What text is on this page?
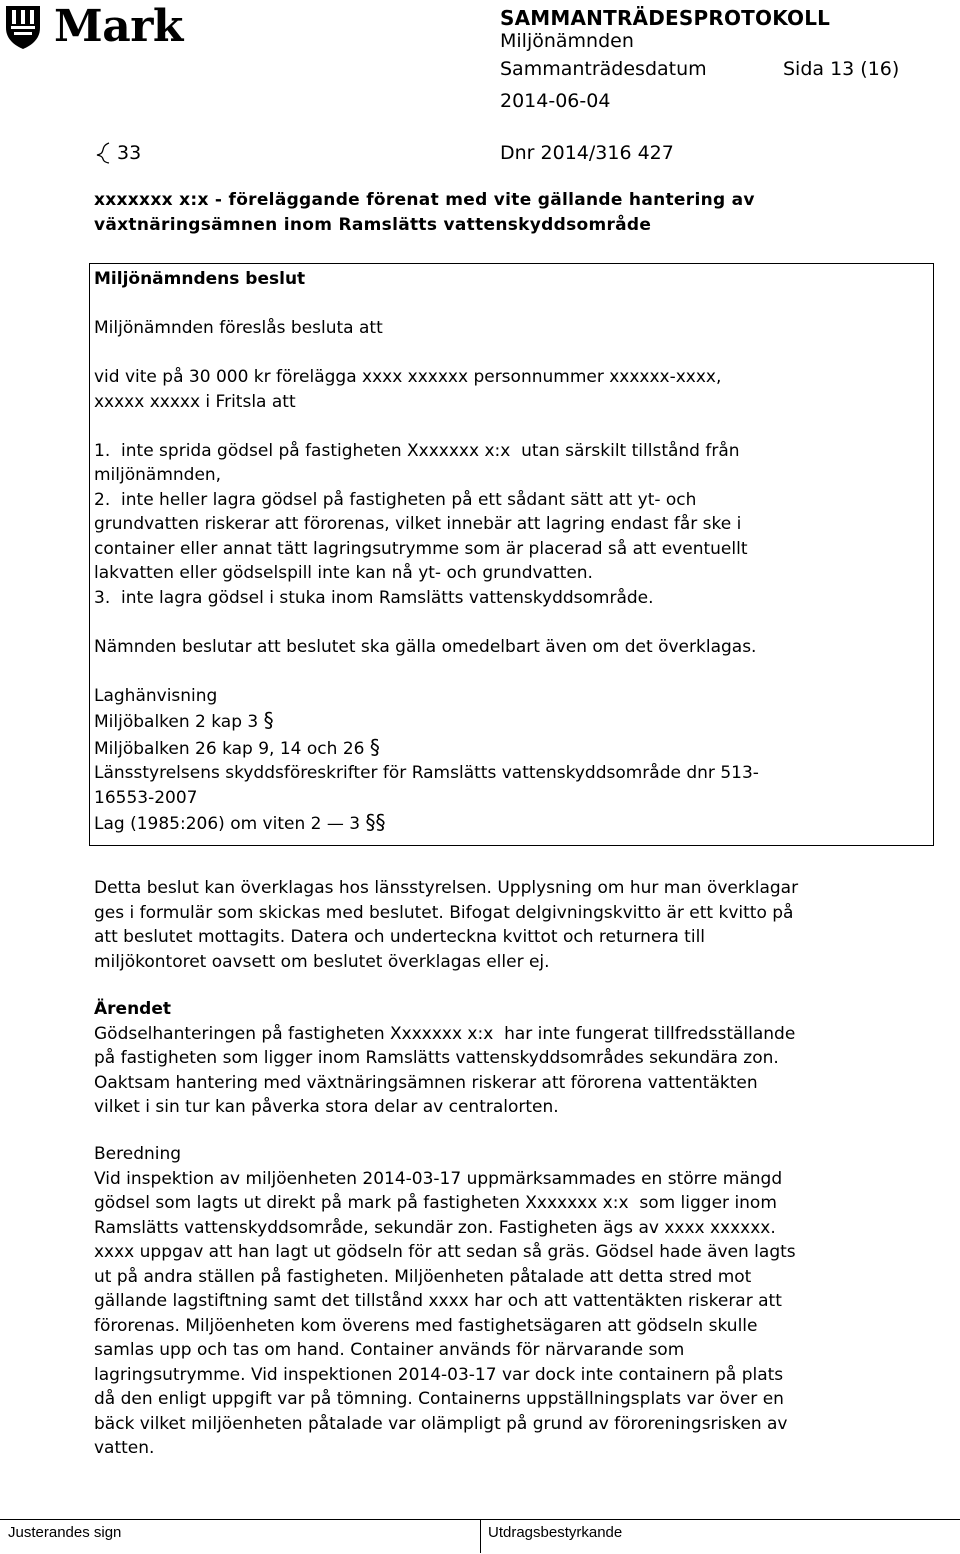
Mark	SAMMANTRÄDESPROTOKOLL
Miljönämnden
Sammanträdesdatum	Sida 13 (16)
2014-06-04
33	Dnr 2014/316 427
xxxxxxx x:x - föreläggande förenat med vite gällande hantering av
växtnäringsämnen inom Ramslätts vattenskyddsområde
Miljönämndens beslut
Miljönämnden föreslås besluta att
vid vite på 30 000 kr förelägga xxxx xxxxxx personnummer xxxxxx-xxxx,
xxxxx xxxxx i Fritsla att
1.  inte sprida gödsel på fastigheten Xxxxxxx x:x  utan särskilt tillstånd från
miljönämnden,
2.  inte heller lagra gödsel på fastigheten på ett sådant sätt att yt- och
grundvatten riskerar att förorenas, vilket innebär att lagring endast får ske i
container eller annat tätt lagringsutrymme som är placerad så att eventuellt
lakvatten eller gödselspill inte kan nå yt- och grundvatten.
3.  inte lagra gödsel i stuka inom Ramslätts vattenskyddsområde.
Nämnden beslutar att beslutet ska gälla omedelbart även om det överklagas.
Laghänvisning
Miljöbalken 2 kap 3 §
Miljöbalken 26 kap 9, 14 och 26 §
Länsstyrelsens skyddsföreskrifter för Ramslätts vattenskyddsområde dnr 513-
16553-2007
Lag (1985:206) om viten 2 — 3 §§
Detta beslut kan överklagas hos länsstyrelsen. Upplysning om hur man överklagar
ges i formulär som skickas med beslutet. Bifogat delgivningskvitto är ett kvitto på
att beslutet mottagits. Datera och underteckna kvittot och returnera till
miljökontoret oavsett om beslutet överklagas eller ej.
Ärendet
Gödselhanteringen på fastigheten Xxxxxxx x:x  har inte fungerat tillfredsställande
på fastigheten som ligger inom Ramslätts vattenskyddsområdes sekundära zon.
Oaktsam hantering med växtnäringsämnen riskerar att förorena vattentäkten
vilket i sin tur kan påverka stora delar av centralorten.
Beredning
Vid inspektion av miljöenheten 2014-03-17 uppmärksammades en större mängd
gödsel som lagts ut direkt på mark på fastigheten Xxxxxxx x:x  som ligger inom
Ramslätts vattenskyddsområde, sekundär zon. Fastigheten ägs av xxxx xxxxxx.
xxxx uppgav att han lagt ut gödseln för att sedan så gräs. Gödsel hade även lagts
ut på andra ställen på fastigheten. Miljöenheten påtalade att detta stred mot
gällande lagstiftning samt det tillstånd xxxx har och att vattentäkten riskerar att
förorenas. Miljöenheten kom överens med fastighetsägaren att gödseln skulle
samlas upp och tas om hand. Container används för närvarande som
lagringsutrymme. Vid inspektionen 2014-03-17 var dock inte containern på plats
då den enligt uppgift var på tömning. Containerns uppställningsplats var över en
bäck vilket miljöenheten påtalade var olämpligt på grund av föroreningsrisken av
vatten.
Justerandes sign	Utdragsbestyrkande
